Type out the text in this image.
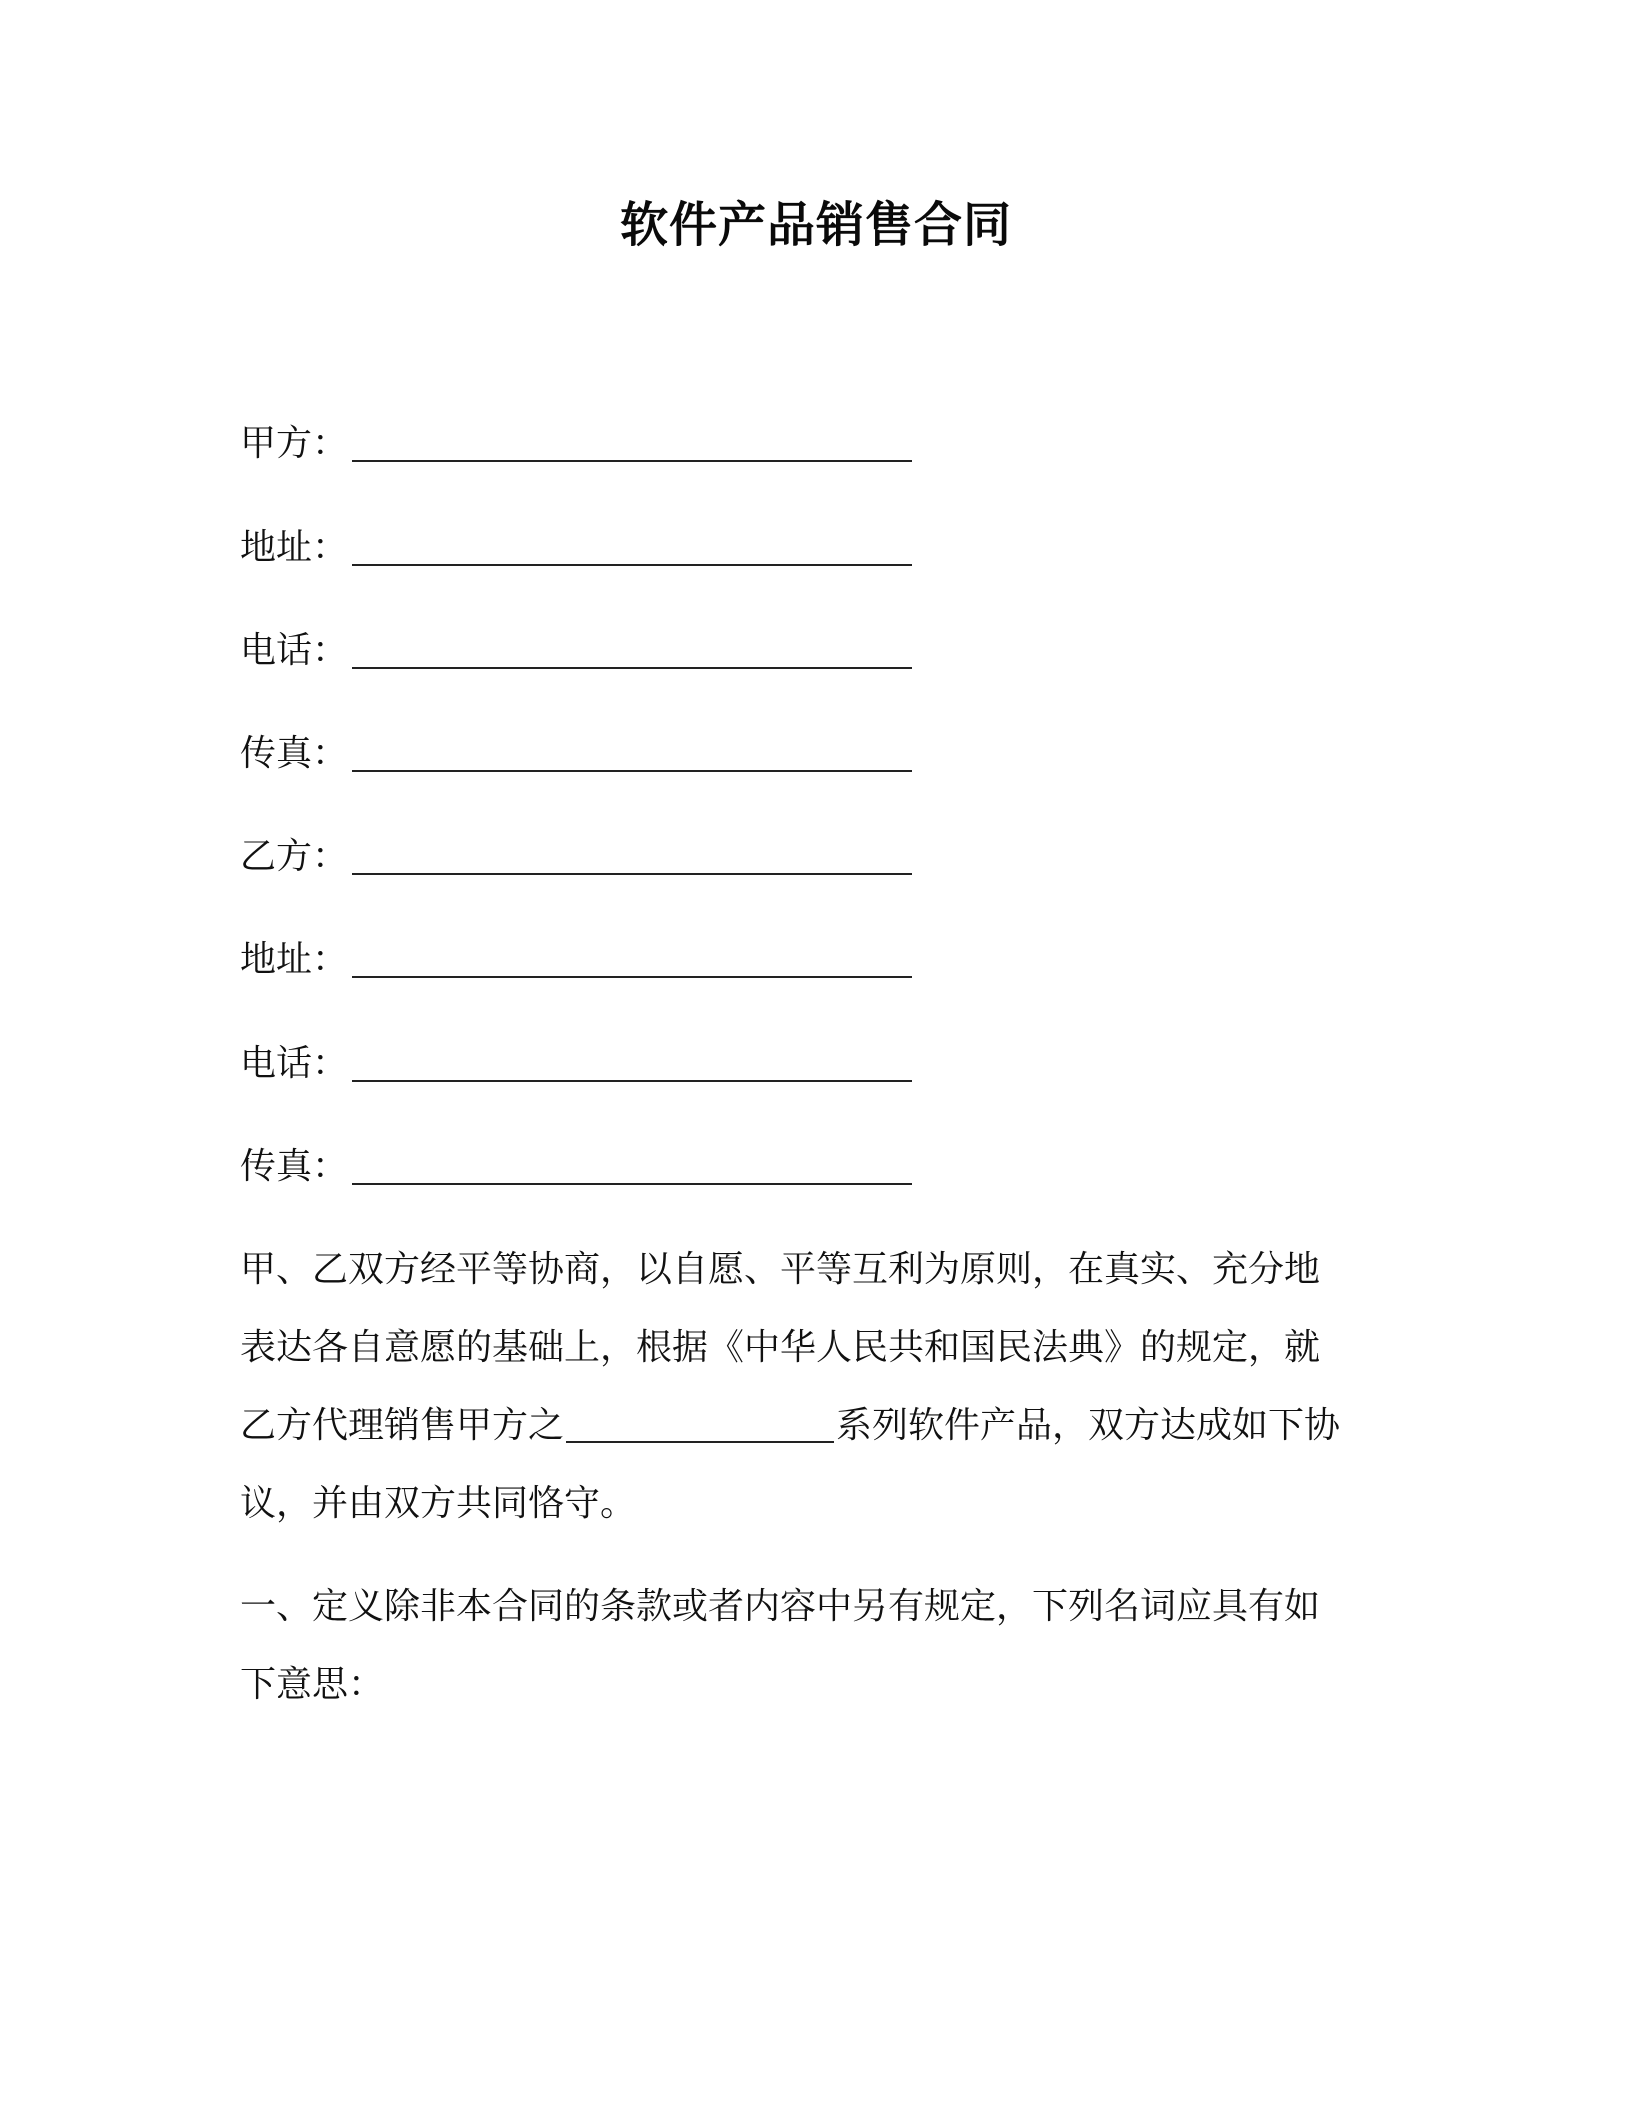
软件产品销售合同
甲方：
地址：
电话：
传真：
乙方：
地址：
电话：
传真：
甲、乙双方经平等协商，以自愿、平等互利为原则，在真实、充分地
表达各自意愿的基础上，根据《中华人民共和国民法典》的规定，就
乙方代理销售甲方之	系列软件产品，双方达成如下协
议，并由双方共同恪守。
一、定义除非本合同的条款或者内容中另有规定，下列名词应具有如
下意思：
